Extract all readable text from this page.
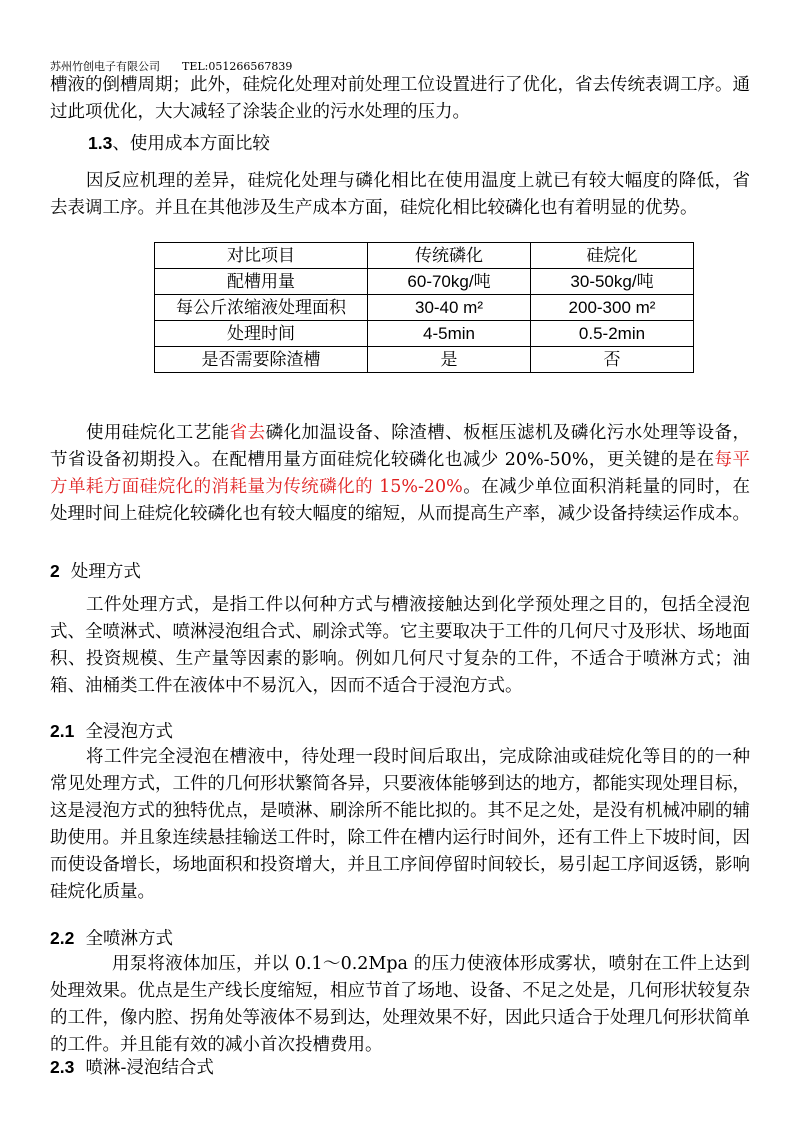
苏州竹创电子有限公司 TEL:051266567839
槽液的倒槽周期；此外，硅烷化处理对前处理工位设置进行了优化，省去传统表调工序。通过此项优化，大大减轻了涂装企业的污水处理的压力。
1.3、使用成本方面比较
因反应机理的差异，硅烷化处理与磷化相比在使用温度上就已有较大幅度的降低，省去表调工序。并且在其他涉及生产成本方面，硅烷化相比较磷化也有着明显的优势。
对比项目	传统磷化	硅烷化
配槽用量	60-70kg/吨	30-50kg/吨
每公斤浓缩液处理面积	30-40 m²	200-300 m²
处理时间	4-5min	0.5-2min
是否需要除渣槽	是	否
使用硅烷化工艺能省去磷化加温设备、除渣槽、板框压滤机及磷化污水处理等设备，节省设备初期投入。在配槽用量方面硅烷化较磷化也减少 20%-50%，更关键的是在每平方单耗方面硅烷化的消耗量为传统磷化的 15%-20%。在减少单位面积消耗量的同时，在处理时间上硅烷化较磷化也有较大幅度的缩短，从而提高生产率，减少设备持续运作成本。
2 处理方式
工件处理方式，是指工件以何种方式与槽液接触达到化学预处理之目的，包括全浸泡式、全喷淋式、喷淋浸泡组合式、刷涂式等。它主要取决于工件的几何尺寸及形状、场地面积、投资规模、生产量等因素的影响。例如几何尺寸复杂的工件，不适合于喷淋方式；油箱、油桶类工件在液体中不易沉入，因而不适合于浸泡方式。
2.1 全浸泡方式
将工件完全浸泡在槽液中，待处理一段时间后取出，完成除油或硅烷化等目的的一种常见处理方式，工件的几何形状繁简各异，只要液体能够到达的地方，都能实现处理目标，这是浸泡方式的独特优点，是喷淋、刷涂所不能比拟的。其不足之处，是没有机械冲刷的辅助使用。并且象连续悬挂输送工件时，除工件在槽内运行时间外，还有工件上下坡时间，因而使设备增长，场地面积和投资增大，并且工序间停留时间较长，易引起工序间返锈，影响硅烷化质量。
2.2 全喷淋方式
用泵将液体加压，并以 0.1～0.2Mpa 的压力使液体形成雾状，喷射在工件上达到处理效果。优点是生产线长度缩短，相应节首了场地、设备、不足之处是，几何形状较复杂的工件，像内腔、拐角处等液体不易到达，处理效果不好，因此只适合于处理几何形状简单的工件。并且能有效的减小首次投槽费用。
2.3 喷淋-浸泡结合式
